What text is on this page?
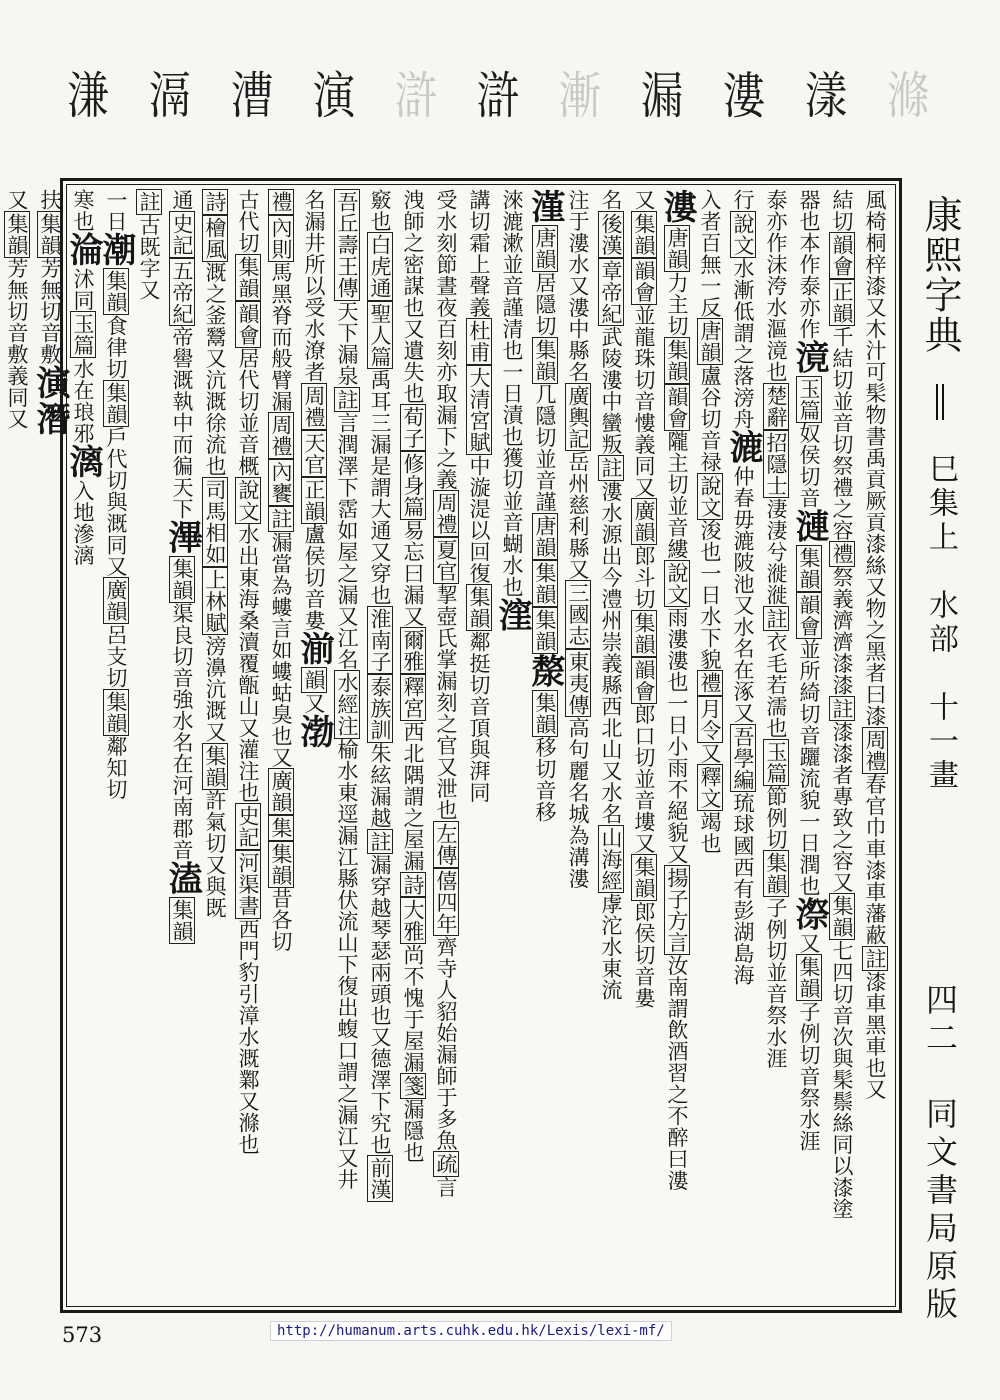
溓 滆 漕 演 滸 滸 漸 漏 漊 漾 滌
風椅桐梓漆又木汁可髤物書禹貢厥貢漆絲又物之黑者曰漆周禮春官巾車漆車藩蔽註漆車黑車也又
結切韻會正韻千結切並音切祭禮之容禮祭義濟濟漆漆註漆漆者專致之容又集韻七四切音次與髤鬃絲同以漆塗
器也本作泰亦作滰玉篇奴侯切音漣集韻韻會並所綺切音躧流貌一日潤也漈又集韻子例切音祭水涯
泰亦作沫洿水漚滰也楚辭招隱士淒淒兮漇漇註衣毛若濡也玉篇節例切集韻子例切並音祭水涯
行說文水漸低謂之落滂舟漉仲春毋漉陂池又水名在涿又吾學編琉球國西有彭湖島海
入者百無一反唐韻盧谷切音禄說文浚也一日水下貌禮月令又釋文竭也
漊唐韻力主切集韻韻會隴主切並音縷說文雨漊漊也一日小雨不絕貌又揚子方言汝南謂飲酒習之不醉曰漊
又集韻韻會並龍珠切音慺義同又廣韻郎斗切集韻韻會郎口切並音塿又集韻郎侯切音婁
名後漢章帝紀武陵漊中蠻叛註漊水源出今澧州崇義縣西北山又水名山海經虖沱水東流
注于漊水又漊中縣名廣輿記岳州慈利縣又三國志東夷傳高句麗名城為溝漊
漌唐韻居隱切集韻几隱切並音謹唐韻集韻集韻漦集韻移切音移
淶漉漱並音謹清也一日漬也獲切並音蝴水也漥
講切霜上聲義杜甫大清宮賦中漩湜以回復集韻鄰挺切音頂與湃同
受水刻節晝夜百刻亦取漏下之義周禮夏官挈壺氏掌漏刻之官又泄也左傳僖四年齊寺人貂始漏師于多魚疏言
洩師之密謀也又遺失也荀子修身篇易忘曰漏又爾雅釋宮西北隅謂之屋漏詩大雅尚不愧于屋漏箋漏隱也
竅也白虎通聖人篇禹耳三漏是謂大通又穿也淮南子泰族訓朱絃漏越註漏穿越琴瑟兩頭也又德澤下究也前漢
吾丘壽王傳天下漏泉註言潤澤下霑如屋之漏又江名水經注榆水東逕漏江縣伏流山下復出蝮口謂之漏江又井
名漏井所以受水潦者周禮天官正韻盧侯切音婁湔韻又渤
禮內則馬黑脊而般臂漏周禮內饔註漏當為螻言如螻蛄臭也又廣韻集集韻昔各切
古代切集韻韻會居代切並音概說文水出東海桑瀆覆甑山又灌注也史記河渠書西門豹引漳水溉鄴又滌也
詩檜風溉之釜鬵又沆溉徐流也司馬相如上林賦滂濞沆溉又集韻許氣切又與既
通史記五帝紀帝嚳溉執中而徧天下滭集韻渠良切音強水名在河南郡音溘集韻
註古既字又
一日潮集韻食律切集韻戶代切與溉同又廣韻呂支切集韻鄰知切
寒也淪沭同玉篇水在琅邪漓入地滲漓
扶集韻芳無切音敷演潛
又集韻芳無切音敷義同又
康熙字典  巳集上　水部　十一畫
四二　同文書局原版
573	http://humanum.arts.cuhk.edu.hk/Lexis/lexi-mf/
